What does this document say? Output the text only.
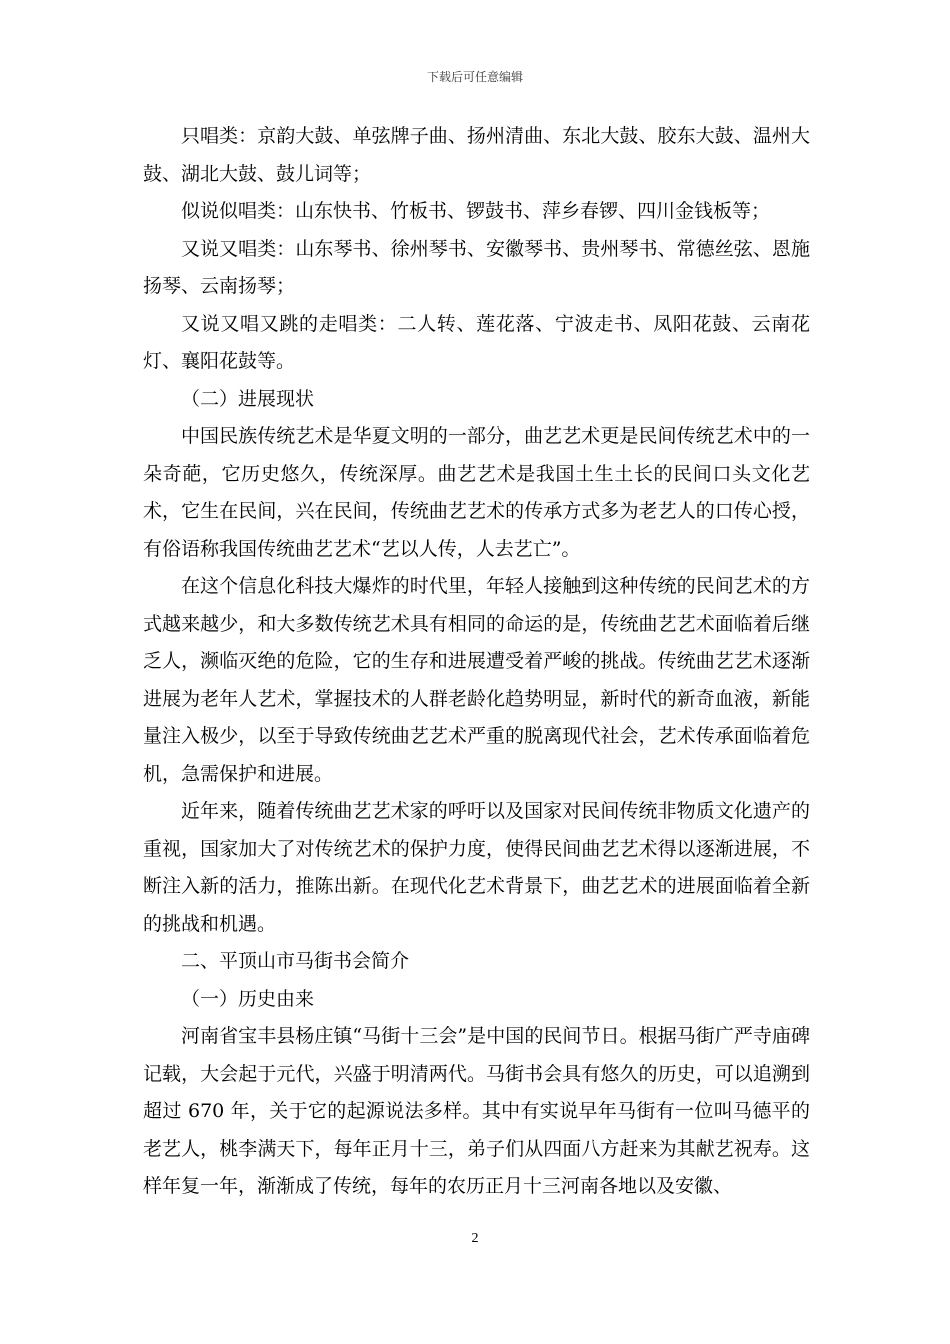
下载后可任意编辑

只唱类：京韵大鼓、单弦牌子曲、扬州清曲、东北大鼓、胶东大鼓、温州大鼓、湖北大鼓、鼓儿词等；

似说似唱类：山东快书、竹板书、锣鼓书、萍乡春锣、四川金钱板等；

又说又唱类：山东琴书、徐州琴书、安徽琴书、贵州琴书、常德丝弦、恩施扬琴、云南扬琴；

又说又唱又跳的走唱类：二人转、莲花落、宁波走书、凤阳花鼓、云南花灯、襄阳花鼓等。

（二）进展现状

中国民族传统艺术是华夏文明的一部分，曲艺艺术更是民间传统艺术中的一朵奇葩，它历史悠久，传统深厚。曲艺艺术是我国土生土长的民间口头文化艺术，它生在民间，兴在民间，传统曲艺艺术的传承方式多为老艺人的口传心授，有俗语称我国传统曲艺艺术“艺以人传，人去艺亡”。

在这个信息化科技大爆炸的时代里，年轻人接触到这种传统的民间艺术的方式越来越少，和大多数传统艺术具有相同的命运的是，传统曲艺艺术面临着后继乏人，濒临灭绝的危险，它的生存和进展遭受着严峻的挑战。传统曲艺艺术逐渐进展为老年人艺术，掌握技术的人群老龄化趋势明显，新时代的新奇血液，新能量注入极少，以至于导致传统曲艺艺术严重的脱离现代社会，艺术传承面临着危机，急需保护和进展。

近年来，随着传统曲艺艺术家的呼吁以及国家对民间传统非物质文化遗产的重视，国家加大了对传统艺术的保护力度，使得民间曲艺艺术得以逐渐进展，不断注入新的活力，推陈出新。在现代化艺术背景下，曲艺艺术的进展面临着全新的挑战和机遇。

二、平顶山市马街书会简介

（一）历史由来

河南省宝丰县杨庄镇“马街十三会”是中国的民间节日。根据马街广严寺庙碑记载，大会起于元代，兴盛于明清两代。马街书会具有悠久的历史，可以追溯到超过 670 年，关于它的起源说法多样。其中有实说早年马街有一位叫马德平的老艺人，桃李满天下，每年正月十三，弟子们从四面八方赶来为其献艺祝寿。这样年复一年，渐渐成了传统，每年的农历正月十三河南各地以及安徽、

2
